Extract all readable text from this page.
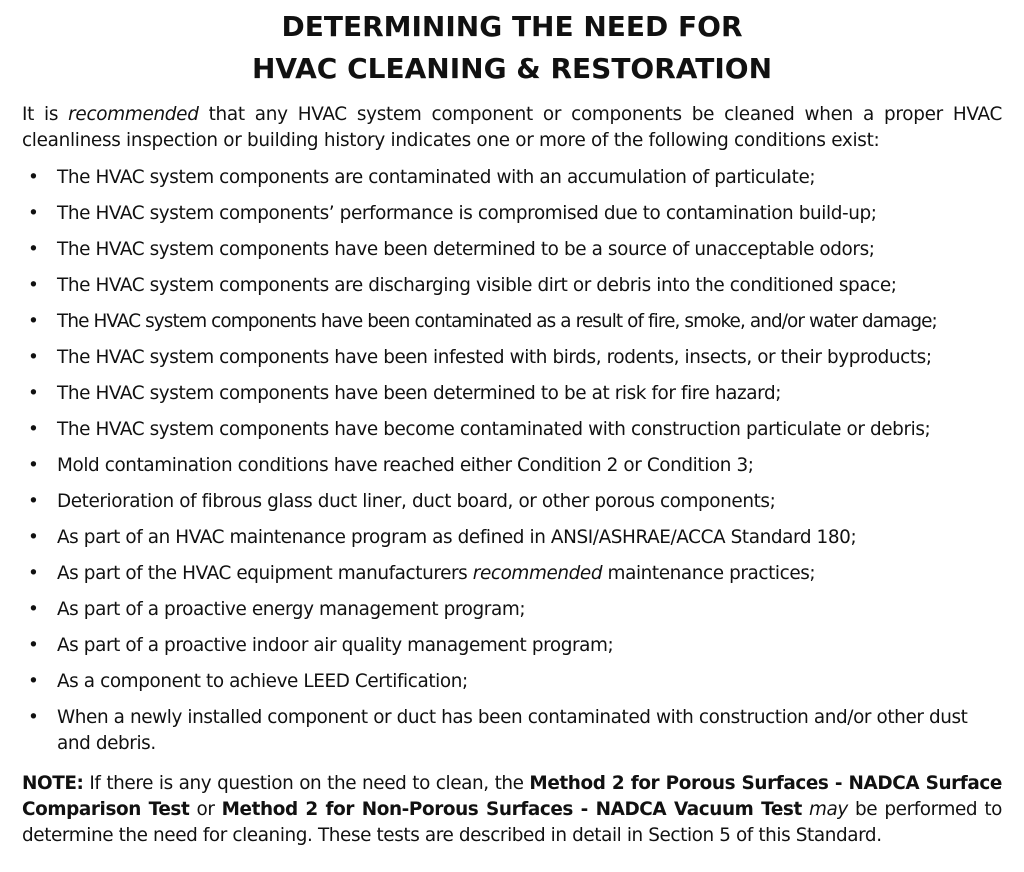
DETERMINING THE NEED FOR
HVAC CLEANING & RESTORATION

It is recommended that any HVAC system component or components be cleaned when a proper HVAC cleanliness inspection or building history indicates one or more of the following conditions exist:

• The HVAC system components are contaminated with an accumulation of particulate;
• The HVAC system components’ performance is compromised due to contamination build-up;
• The HVAC system components have been determined to be a source of unacceptable odors;
• The HVAC system components are discharging visible dirt or debris into the conditioned space;
• The HVAC system components have been contaminated as a result of fire, smoke, and/or water damage;
• The HVAC system components have been infested with birds, rodents, insects, or their byproducts;
• The HVAC system components have been determined to be at risk for fire hazard;
• The HVAC system components have become contaminated with construction particulate or debris;
• Mold contamination conditions have reached either Condition 2 or Condition 3;
• Deterioration of fibrous glass duct liner, duct board, or other porous components;
• As part of an HVAC maintenance program as defined in ANSI/ASHRAE/ACCA Standard 180;
• As part of the HVAC equipment manufacturers recommended maintenance practices;
• As part of a proactive energy management program;
• As part of a proactive indoor air quality management program;
• As a component to achieve LEED Certification;
• When a newly installed component or duct has been contaminated with construction and/or other dust and debris.

NOTE: If there is any question on the need to clean, the Method 2 for Porous Surfaces - NADCA Surface Comparison Test or Method 2 for Non-Porous Surfaces - NADCA Vacuum Test may be performed to determine the need for cleaning. These tests are described in detail in Section 5 of this Standard.
